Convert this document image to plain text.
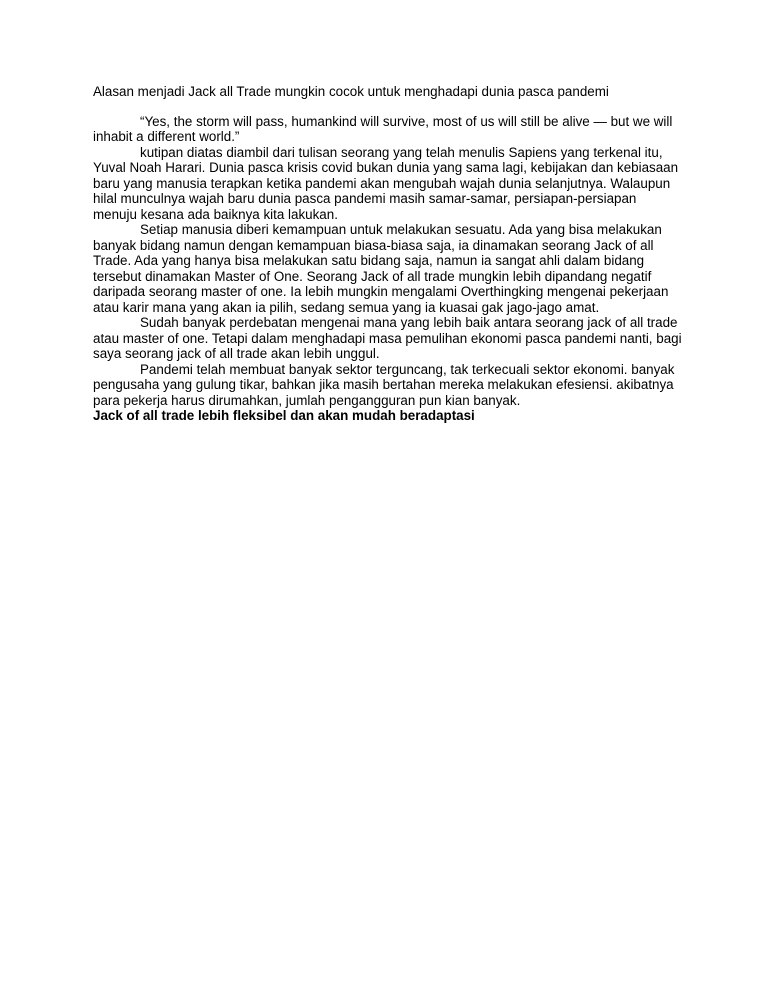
Alasan menjadi Jack all Trade mungkin cocok untuk menghadapi dunia pasca pandemi

“Yes, the storm will pass, humankind will survive, most of us will still be alive — but we will inhabit a different world.”

kutipan diatas diambil dari tulisan seorang yang telah menulis Sapiens yang terkenal itu, Yuval Noah Harari. Dunia pasca krisis covid bukan dunia yang sama lagi, kebijakan dan kebiasaan baru yang manusia terapkan ketika pandemi akan mengubah wajah dunia selanjutnya. Walaupun hilal munculnya wajah baru dunia pasca pandemi masih samar-samar, persiapan-persiapan menuju kesana ada baiknya kita lakukan.

Setiap manusia diberi kemampuan untuk melakukan sesuatu. Ada yang bisa melakukan banyak bidang namun dengan kemampuan biasa-biasa saja, ia dinamakan seorang Jack of all Trade. Ada yang hanya bisa melakukan satu bidang saja, namun ia sangat ahli dalam bidang tersebut dinamakan Master of One. Seorang Jack of all trade mungkin lebih dipandang negatif daripada seorang master of one. Ia lebih mungkin mengalami Overthingking mengenai pekerjaan atau karir mana yang akan ia pilih, sedang semua yang ia kuasai gak jago-jago amat.

Sudah banyak perdebatan mengenai mana yang lebih baik antara seorang jack of all trade atau master of one. Tetapi dalam menghadapi masa pemulihan ekonomi pasca pandemi nanti, bagi saya seorang jack of all trade akan lebih unggul.

Pandemi telah membuat banyak sektor terguncang, tak terkecuali sektor ekonomi. banyak pengusaha yang gulung tikar, bahkan jika masih bertahan mereka melakukan efesiensi. akibatnya para pekerja harus dirumahkan, jumlah pengangguran pun kian banyak.

Jack of all trade lebih fleksibel dan akan mudah beradaptasi
